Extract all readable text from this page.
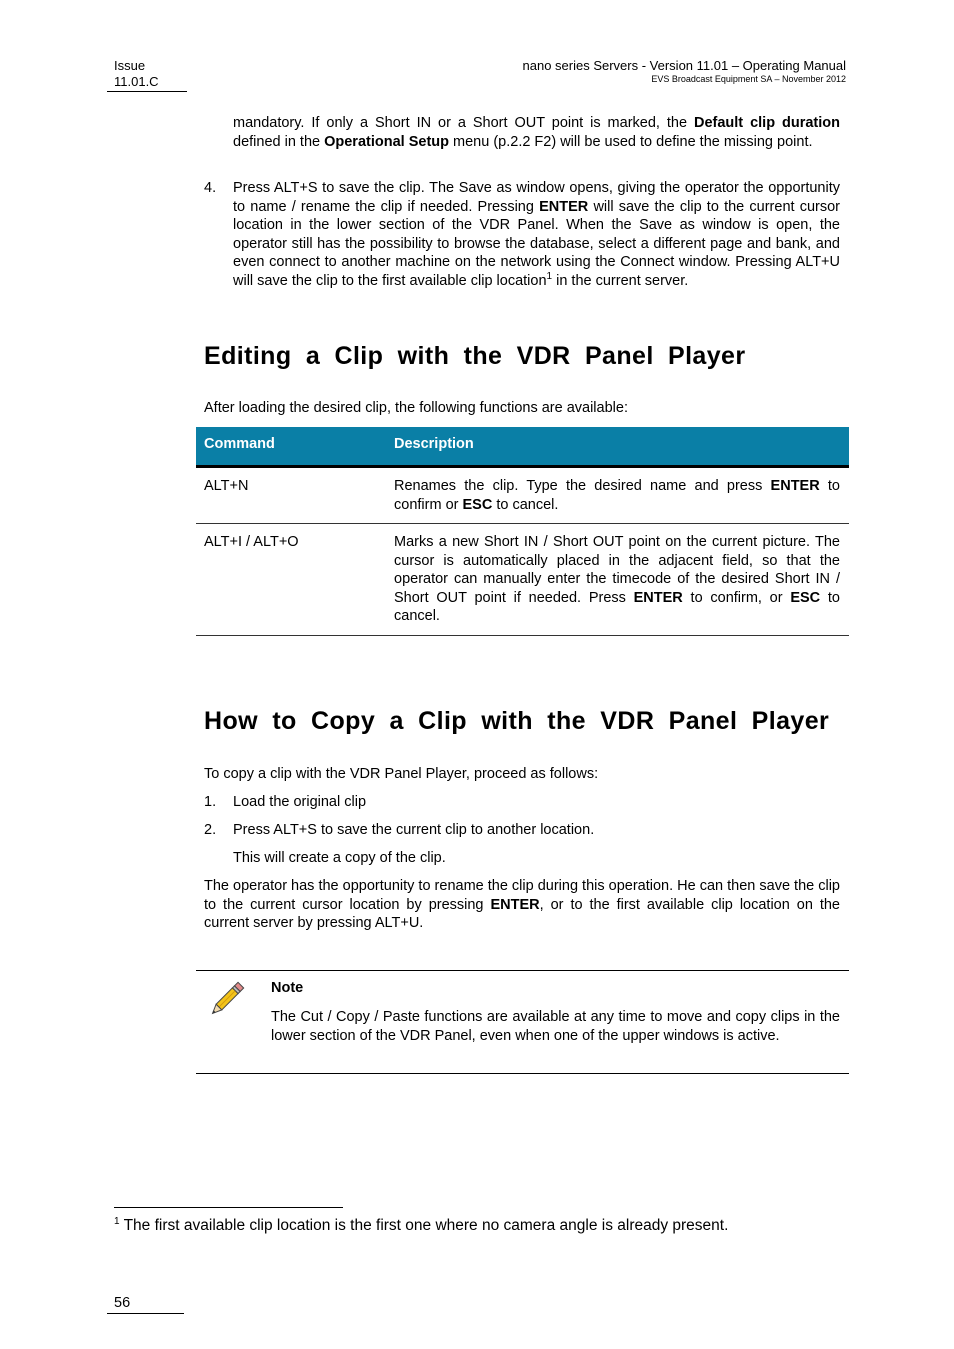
Issue
11.01.C
nano series Servers - Version 11.01 – Operating Manual
EVS Broadcast Equipment SA – November 2012
mandatory. If only a Short IN or a Short OUT point is marked, the Default clip duration defined in the Operational Setup menu (p.2.2 F2) will be used to define the missing point.
4. Press ALT+S to save the clip. The Save as window opens, giving the operator the opportunity to name / rename the clip if needed. Pressing ENTER will save the clip to the current cursor location in the lower section of the VDR Panel. When the Save as window is open, the operator still has the possibility to browse the database, select a different page and bank, and even connect to another machine on the network using the Connect window. Pressing ALT+U will save the clip to the first available clip location$^1$ in the current server.
Editing a Clip with the VDR Panel Player
After loading the desired clip, the following functions are available:
Command	Description
ALT+N	Renames the clip. Type the desired name and press ENTER to confirm or ESC to cancel.
ALT+I / ALT+O	Marks a new Short IN / Short OUT point on the current picture. The cursor is automatically placed in the adjacent field, so that the operator can manually enter the timecode of the desired Short IN / Short OUT point if needed. Press ENTER to confirm, or ESC to cancel.
How to Copy a Clip with the VDR Panel Player
To copy a clip with the VDR Panel Player, proceed as follows:
1. Load the original clip
2. Press ALT+S to save the current clip to another location.
This will create a copy of the clip.
The operator has the opportunity to rename the clip during this operation. He can then save the clip to the current cursor location by pressing ENTER, or to the first available clip location on the current server by pressing ALT+U.
Note
The Cut / Copy / Paste functions are available at any time to move and copy clips in the lower section of the VDR Panel, even when one of the upper windows is active.
$^1$ The first available clip location is the first one where no camera angle is already present.
56
